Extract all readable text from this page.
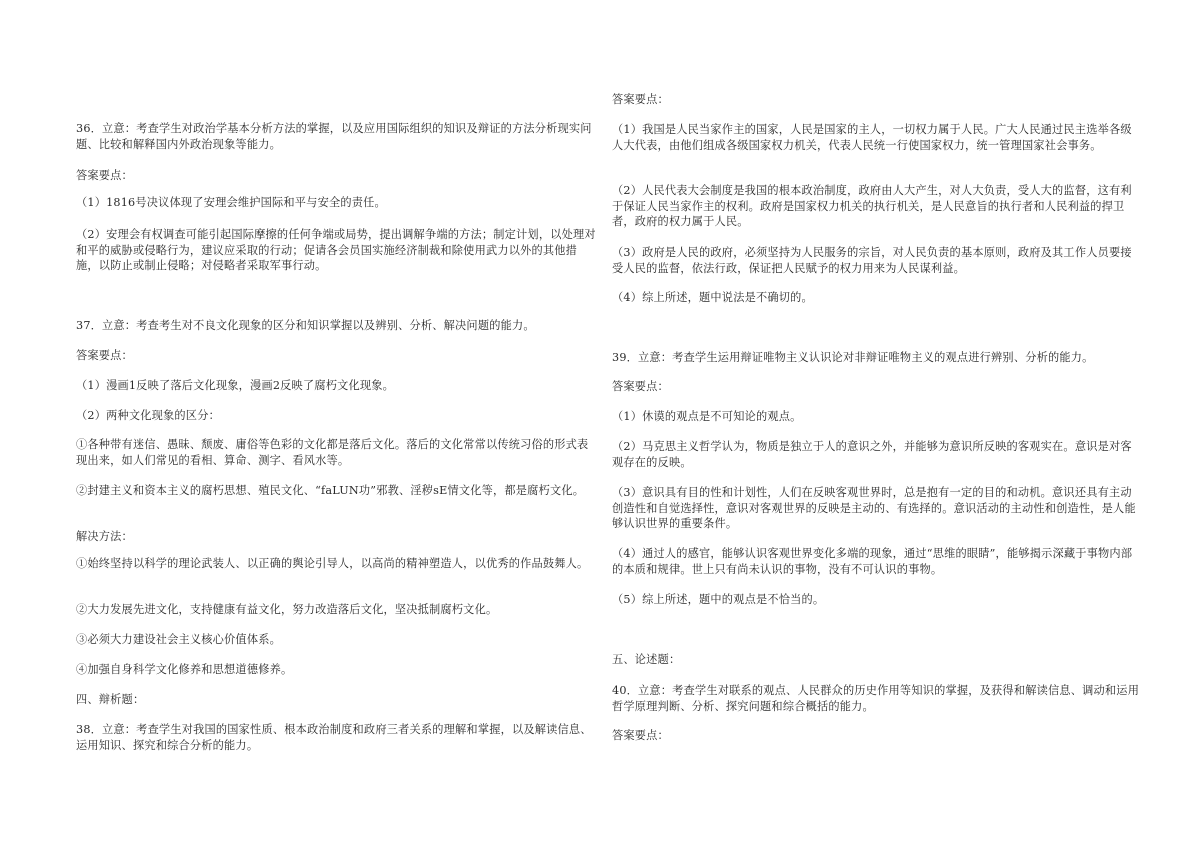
36．立意：考查学生对政治学基本分析方法的掌握，以及应用国际组织的知识及辩证的方法分析现实问题、比较和解释国内外政治现象等能力。
答案要点：
（1）1816号决议体现了安理会维护国际和平与安全的责任。
（2）安理会有权调查可能引起国际摩擦的任何争端或局势，提出调解争端的方法；制定计划，以处理对和平的威胁或侵略行为，建议应采取的行动；促请各会员国实施经济制裁和除使用武力以外的其他措施，以防止或制止侵略；对侵略者采取军事行动。
37．立意：考查考生对不良文化现象的区分和知识掌握以及辨别、分析、解决问题的能力。
答案要点：
（1）漫画1反映了落后文化现象，漫画2反映了腐朽文化现象。
（2）两种文化现象的区分：
①各种带有迷信、愚昧、颓废、庸俗等色彩的文化都是落后文化。落后的文化常常以传统习俗的形式表现出来，如人们常见的看相、算命、测字、看风水等。
②封建主义和资本主义的腐朽思想、殖民文化、“faLUN功”邪教、淫秽sE情文化等，都是腐朽文化。
解决方法：
①始终坚持以科学的理论武装人、以正确的舆论引导人，以高尚的精神塑造人，以优秀的作品鼓舞人。
②大力发展先进文化，支持健康有益文化，努力改造落后文化，坚决抵制腐朽文化。
③必须大力建设社会主义核心价值体系。
④加强自身科学文化修养和思想道德修养。
四、辩析题：
38．立意：考查学生对我国的国家性质、根本政治制度和政府三者关系的理解和掌握，以及解读信息、运用知识、探究和综合分析的能力。
答案要点：
（1）我国是人民当家作主的国家，人民是国家的主人，一切权力属于人民。广大人民通过民主选举各级人大代表，由他们组成各级国家权力机关，代表人民统一行使国家权力，统一管理国家社会事务。
（2）人民代表大会制度是我国的根本政治制度，政府由人大产生，对人大负责，受人大的监督，这有利于保证人民当家作主的权利。政府是国家权力机关的执行机关，是人民意旨的执行者和人民利益的捍卫者，政府的权力属于人民。
（3）政府是人民的政府，必须坚持为人民服务的宗旨，对人民负责的基本原则，政府及其工作人员要接受人民的监督，依法行政，保证把人民赋予的权力用来为人民谋利益。
（4）综上所述，题中说法是不确切的。
39．立意：考查学生运用辩证唯物主义认识论对非辩证唯物主义的观点进行辨别、分析的能力。
答案要点：
（1）休谟的观点是不可知论的观点。
（2）马克思主义哲学认为，物质是独立于人的意识之外，并能够为意识所反映的客观实在。意识是对客观存在的反映。
（3）意识具有目的性和计划性，人们在反映客观世界时，总是抱有一定的目的和动机。意识还具有主动创造性和自觉选择性，意识对客观世界的反映是主动的、有选择的。意识活动的主动性和创造性，是人能够认识世界的重要条件。
（4）通过人的感官，能够认识客观世界变化多端的现象，通过“思维的眼睛”，能够揭示深藏于事物内部的本质和规律。世上只有尚未认识的事物，没有不可认识的事物。
（5）综上所述，题中的观点是不恰当的。
五、论述题：
40．立意：考查学生对联系的观点、人民群众的历史作用等知识的掌握，及获得和解读信息、调动和运用哲学原理判断、分析、探究问题和综合概括的能力。
答案要点：
